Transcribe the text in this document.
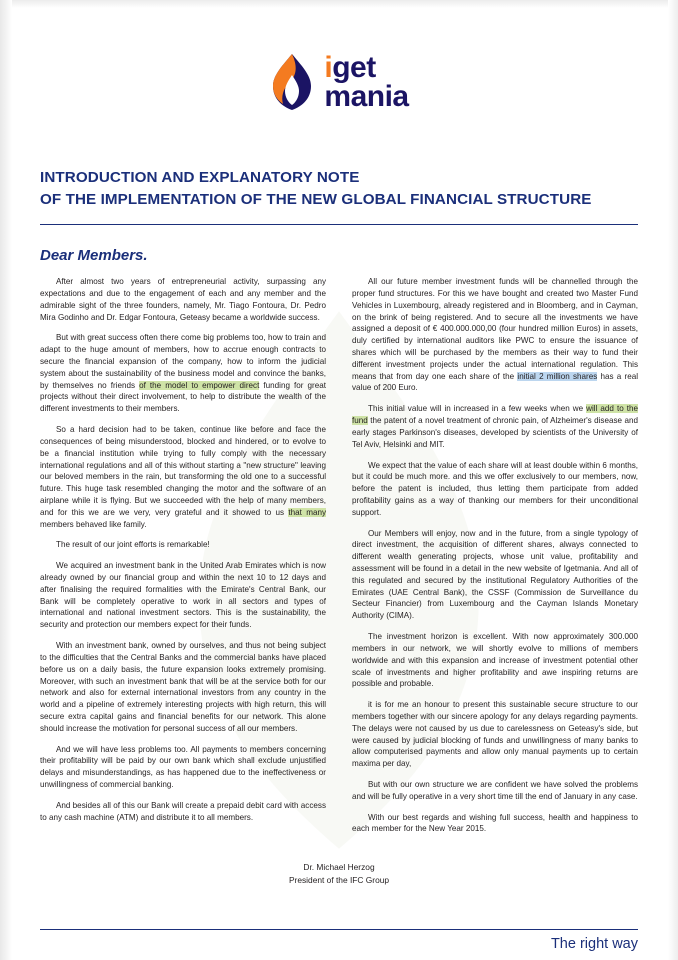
iget
mania
INTRODUCTION AND EXPLANATORY NOTE
OF THE IMPLEMENTATION OF THE NEW GLOBAL FINANCIAL STRUCTURE
Dear Members.

After almost two years of entrepreneurial activity, surpassing any expectations and due to the engagement of each and any member and the admirable sight of the three founders, namely, Mr. Tiago Fontoura, Dr. Pedro Mira Godinho and Dr. Edgar Fontoura, Geteasy became a worldwide success.

But with great success often there come big problems too, how to train and adapt to the huge amount of members, how to accrue enough contracts to secure the financial expansion of the company, how to inform the judicial system about the sustainability of the business model and convince the banks, by themselves no friends of the model to empower direct funding for great projects without their direct involvement, to help to distribute the wealth of the different investments to their members.

So a hard decision had to be taken, continue like before and face the consequences of being misunderstood, blocked and hindered, or to evolve to be a financial institution while trying to fully comply with the necessary international regulations and all of this without starting a "new structure" leaving our beloved members in the rain, but transforming the old one to a successful future. This huge task resembled changing the motor and the software of an airplane while it is flying. But we succeeded with the help of many members, and for this we are we very, very grateful and it showed to us that many members behaved like family.

The result of our joint efforts is remarkable!

We acquired an investment bank in the United Arab Emirates which is now already owned by our financial group and within the next 10 to 12 days and after finalising the required formalities with the Emirate's Central Bank, our Bank will be completely operative to work in all sectors and types of international and national investment sectors. This is the sustainability, the security and protection our members expect for their funds.

With an investment bank, owned by ourselves, and thus not being subject to the difficulties that the Central Banks and the commercial banks have placed before us on a daily basis, the future expansion looks extremely promising. Moreover, with such an investment bank that will be at the service both for our network and also for external international investors from any country in the world and a pipeline of extremely interesting projects with high return, this will secure extra capital gains and financial benefits for our network. This alone should increase the motivation for personal success of all our members.

And we will have less problems too. All payments to members concerning their profitability will be paid by our own bank which shall exclude unjustified delays and misunderstandings, as has happened due to the ineffectiveness or unwillingness of commercial banking.

And besides all of this our Bank will create a prepaid debit card with access to any cash machine (ATM) and distribute it to all members.

All our future member investment funds will be channelled through the proper fund structures. For this we have bought and created two Master Fund Vehicles in Luxembourg, already registered and in Bloomberg, and in Cayman, on the brink of being registered. And to secure all the investments we have assigned a deposit of € 400.000.000,00 (four hundred million Euros) in assets, duly certified by international auditors like PWC to ensure the issuance of shares which will be purchased by the members as their way to fund their different investment projects under the actual international regulation. This means that from day one each share of the initial 2 million shares has a real value of 200 Euro.

This initial value will in increased in a few weeks when we will add to the fund the patent of a novel treatment of chronic pain, of Alzheimer's disease and early stages Parkinson's diseases, developed by scientists of the University of Tel Aviv, Helsinki and MIT.

We expect that the value of each share will at least double within 6 months, but it could be much more. and this we offer exclusively to our members, now, before the patent is included, thus letting them participate from added profitability gains as a way of thanking our members for their unconditional support.

Our Members will enjoy, now and in the future, from a single typology of direct investment, the acquisition of different shares, always connected to different wealth generating projects, whose unit value, profitability and assessment will be found in a detail in the new website of Igetmania. And all of this regulated and secured by the institutional Regulatory Authorities of the Emirates (UAE Central Bank), the CSSF (Commission de Surveillance du Secteur Financier) from Luxembourg and the Cayman Islands Monetary Authority (CIMA).

The investment horizon is excellent. With now approximately 300.000 members in our network, we will shortly evolve to millions of members worldwide and with this expansion and increase of investment potential other scale of investments and higher profitability and awe inspiring returns are possible and probable.

it is for me an honour to present this sustainable secure structure to our members together with our sincere apology for any delays regarding payments. The delays were not caused by us due to carelessness on Geteasy's side, but were caused by judicial blocking of funds and unwillingness of many banks to allow computerised payments and allow only manual payments up to certain maxima per day,

But with our own structure we are confident we have solved the problems and will be fully operative in a very short time till the end of January in any case.

With our best regards and wishing full success, health and happiness to each member for the New Year 2015.

Dr. Michael Herzog
President of the IFC Group
The right way
